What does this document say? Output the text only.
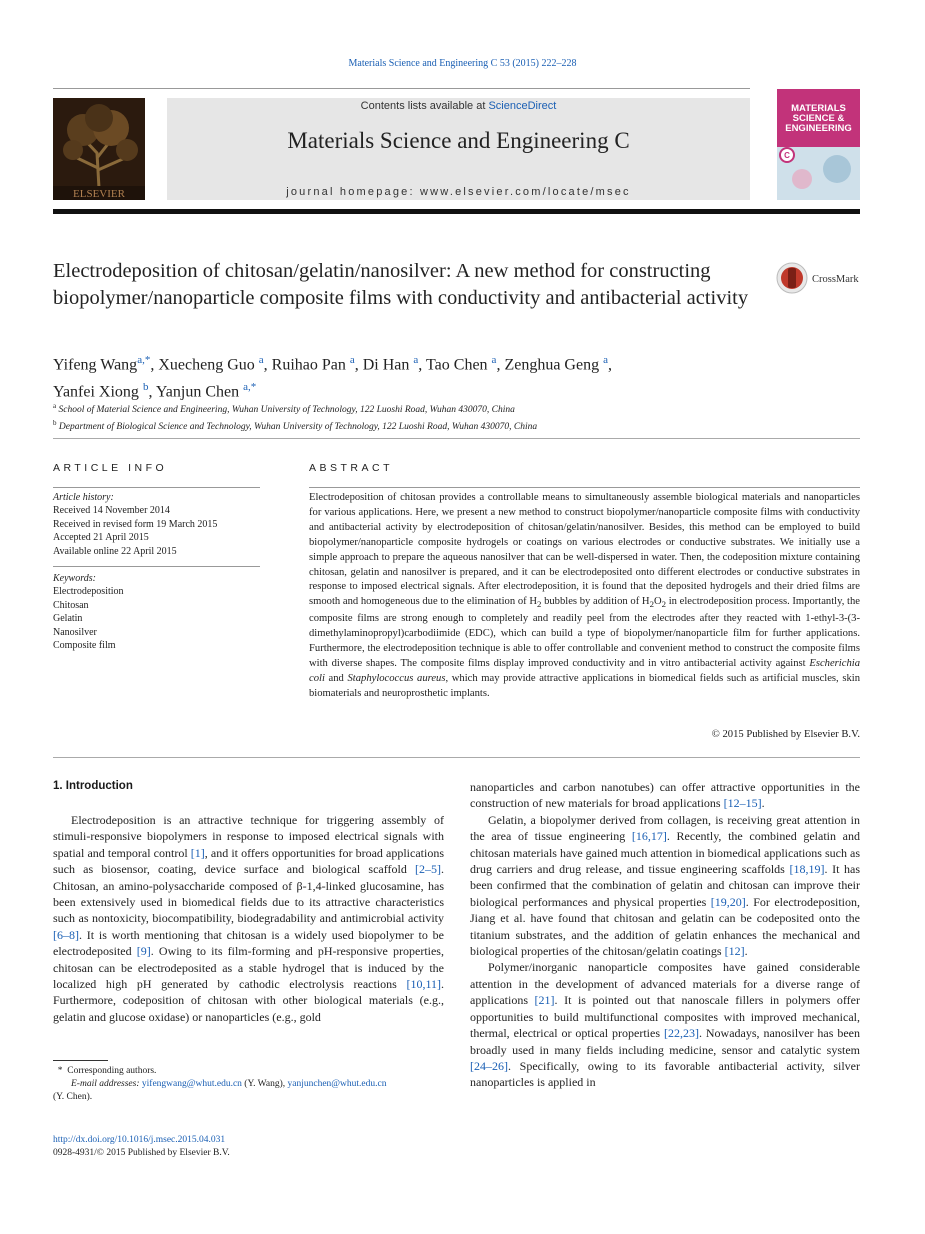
Materials Science and Engineering C 53 (2015) 222–228
ELSEVIER
Contents lists available at ScienceDirect
Materials Science and Engineering C
journal homepage: www.elsevier.com/locate/msec
MATERIALS SCIENCE & ENGINEERING
C
Electrodeposition of chitosan/gelatin/nanosilver: A new method for constructing biopolymer/nanoparticle composite films with conductivity and antibacterial activity
CrossMark
Yifeng Wang$^{a,*}$, Xuecheng Guo $^a$, Ruihao Pan $^a$, Di Han $^a$, Tao Chen $^a$, Zenghua Geng $^a$,
Yanfei Xiong $^b$, Yanjun Chen $^{a,*}$
$^a$ School of Material Science and Engineering, Wuhan University of Technology, 122 Luoshi Road, Wuhan 430070, China
$^b$ Department of Biological Science and Technology, Wuhan University of Technology, 122 Luoshi Road, Wuhan 430070, China
ARTICLE INFO
Article history:
Received 14 November 2014
Received in revised form 19 March 2015
Accepted 21 April 2015
Available online 22 April 2015
Keywords:
Electrodeposition
Chitosan
Gelatin
Nanosilver
Composite film
ABSTRACT
Electrodeposition of chitosan provides a controllable means to simultaneously assemble biological materials and nanoparticles for various applications. Here, we present a new method to construct biopolymer/nanoparticle composite films with conductivity and antibacterial activity by electrodeposition of chitosan/gelatin/nanosilver. Besides, this method can be employed to build biopolymer/nanoparticle composite hydrogels or coatings on various electrodes or conductive substrates. We initially use a simple approach to prepare the aqueous nanosilver that can be well-dispersed in water. Then, the codeposition mixture containing chitosan, gelatin and nanosilver is prepared, and it can be electrodeposited onto different electrodes or conductive substrates in response to imposed electrical signals. After electrodeposition, it is found that the deposited hydrogels and their dried films are smooth and homogeneous due to the elimination of $H_2$ bubbles by addition of $H_2O_2$ in electrodeposition process. Importantly, the composite films are strong enough to completely and readily peel from the electrodes after they reacted with 1-ethyl-3-(3-dimethylaminopropyl)carbodiimide (EDC), which can build a type of biopolymer/nanoparticle film for further applications. Furthermore, the electrodeposition technique is able to offer controllable and convenient method to construct the composite films with diverse shapes. The composite films display improved conductivity and in vitro antibacterial activity against Escherichia coli and Staphylococcus aureus, which may provide attractive applications in biomedical fields such as artificial muscles, skin biomaterials and neuroprosthetic implants.
© 2015 Published by Elsevier B.V.
1. Introduction

Electrodeposition is an attractive technique for triggering assembly of stimuli-responsive biopolymers in response to imposed electrical signals with spatial and temporal control [1], and it offers opportunities for broad applications such as biosensor, coating, device surface and biological scaffold [2–5]. Chitosan, an amino-polysaccharide composed of β-1,4-linked glucosamine, has been extensively used in biomedical fields due to its attractive characteristics such as nontoxicity, biocompatibility, biodegradability and antimicrobial activity [6–8]. It is worth mentioning that chitosan is a widely used biopolymer to be electrodeposited [9]. Owing to its film-forming and pH-responsive properties, chitosan can be electrodeposited as a stable hydrogel that is induced by the localized high pH generated by cathodic electrolysis reactions [10,11]. Furthermore, codeposition of chitosan with other biological materials (e.g., gelatin and glucose oxidase) or nanoparticles (e.g., gold

nanoparticles and carbon nanotubes) can offer attractive opportunities in the construction of new materials for broad applications [12–15].

Gelatin, a biopolymer derived from collagen, is receiving great attention in the area of tissue engineering [16,17]. Recently, the combined gelatin and chitosan materials have gained much attention in biomedical applications such as drug carriers and drug release, and tissue engineering scaffolds [18,19]. It has been confirmed that the combination of gelatin and chitosan can improve their biological performances and physical properties [19,20]. For electrodeposition, Jiang et al. have found that chitosan and gelatin can be codeposited onto the titanium substrates, and the addition of gelatin enhances the mechanical and biological properties of the chitosan/gelatin coatings [12].

Polymer/inorganic nanoparticle composites have gained considerable attention in the development of advanced materials for a diverse range of applications [21]. It is pointed out that nanoscale fillers in polymers offer opportunities to build multifunctional composites with improved mechanical, thermal, electrical or optical properties [22,23]. Nowadays, nanosilver has been broadly used in many fields including medicine, sensor and catalytic system [24–26]. Specifically, owing to its favorable antibacterial activity, silver nanoparticles is applied in

* Corresponding authors.
E-mail addresses: yifengwang@whut.edu.cn (Y. Wang), yanjunchen@whut.edu.cn
(Y. Chen).
http://dx.doi.org/10.1016/j.msec.2015.04.031
0928-4931/© 2015 Published by Elsevier B.V.
